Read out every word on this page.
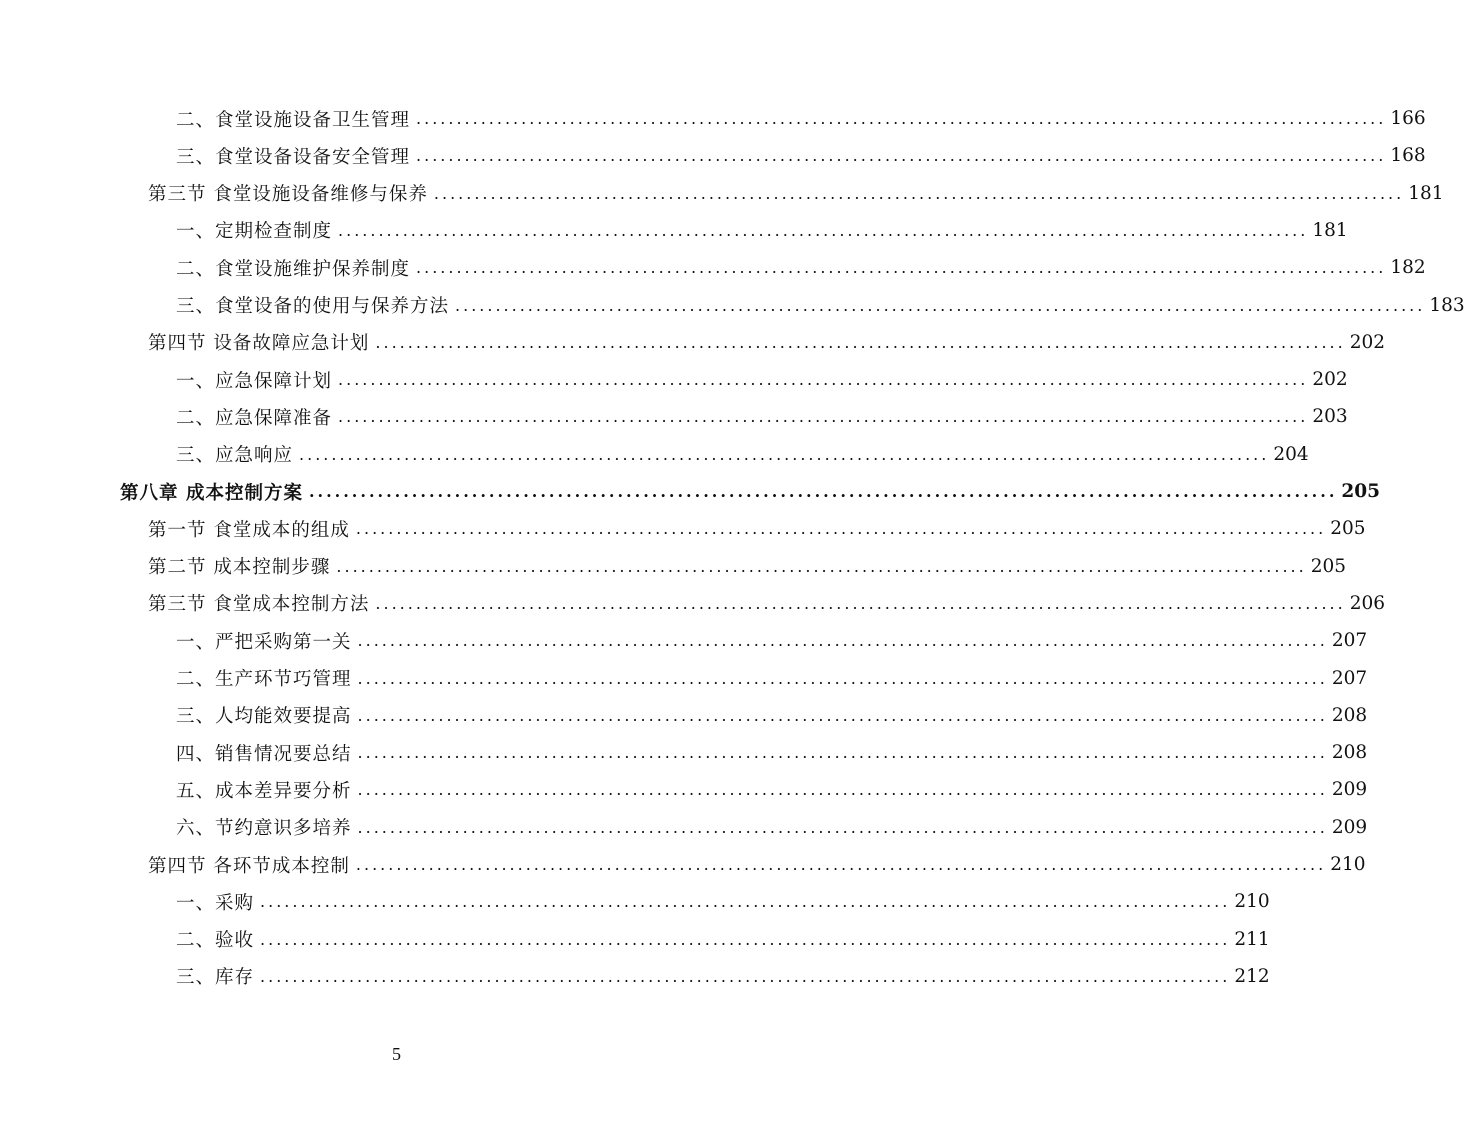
二、食堂设施设备卫生管理 ........................................................................................................................ 166
三、食堂设备设备安全管理 ........................................................................................................................ 168
第三节 食堂设施设备维修与保养 ........................................................................................................................ 181
一、定期检查制度 ........................................................................................................................ 181
二、食堂设施维护保养制度 ........................................................................................................................ 182
三、食堂设备的使用与保养方法 ........................................................................................................................ 183
第四节 设备故障应急计划 ........................................................................................................................ 202
一、应急保障计划 ........................................................................................................................ 202
二、应急保障准备 ........................................................................................................................ 203
三、应急响应 ........................................................................................................................ 204
第八章 成本控制方案 ........................................................................................................................ 205
第一节 食堂成本的组成 ........................................................................................................................ 205
第二节 成本控制步骤 ........................................................................................................................ 205
第三节 食堂成本控制方法 ........................................................................................................................ 206
一、严把采购第一关 ........................................................................................................................ 207
二、生产环节巧管理 ........................................................................................................................ 207
三、人均能效要提高 ........................................................................................................................ 208
四、销售情况要总结 ........................................................................................................................ 208
五、成本差异要分析 ........................................................................................................................ 209
六、节约意识多培养 ........................................................................................................................ 209
第四节 各环节成本控制 ........................................................................................................................ 210
一、采购 ........................................................................................................................ 210
二、验收 ........................................................................................................................ 211
三、库存 ........................................................................................................................ 212
5
